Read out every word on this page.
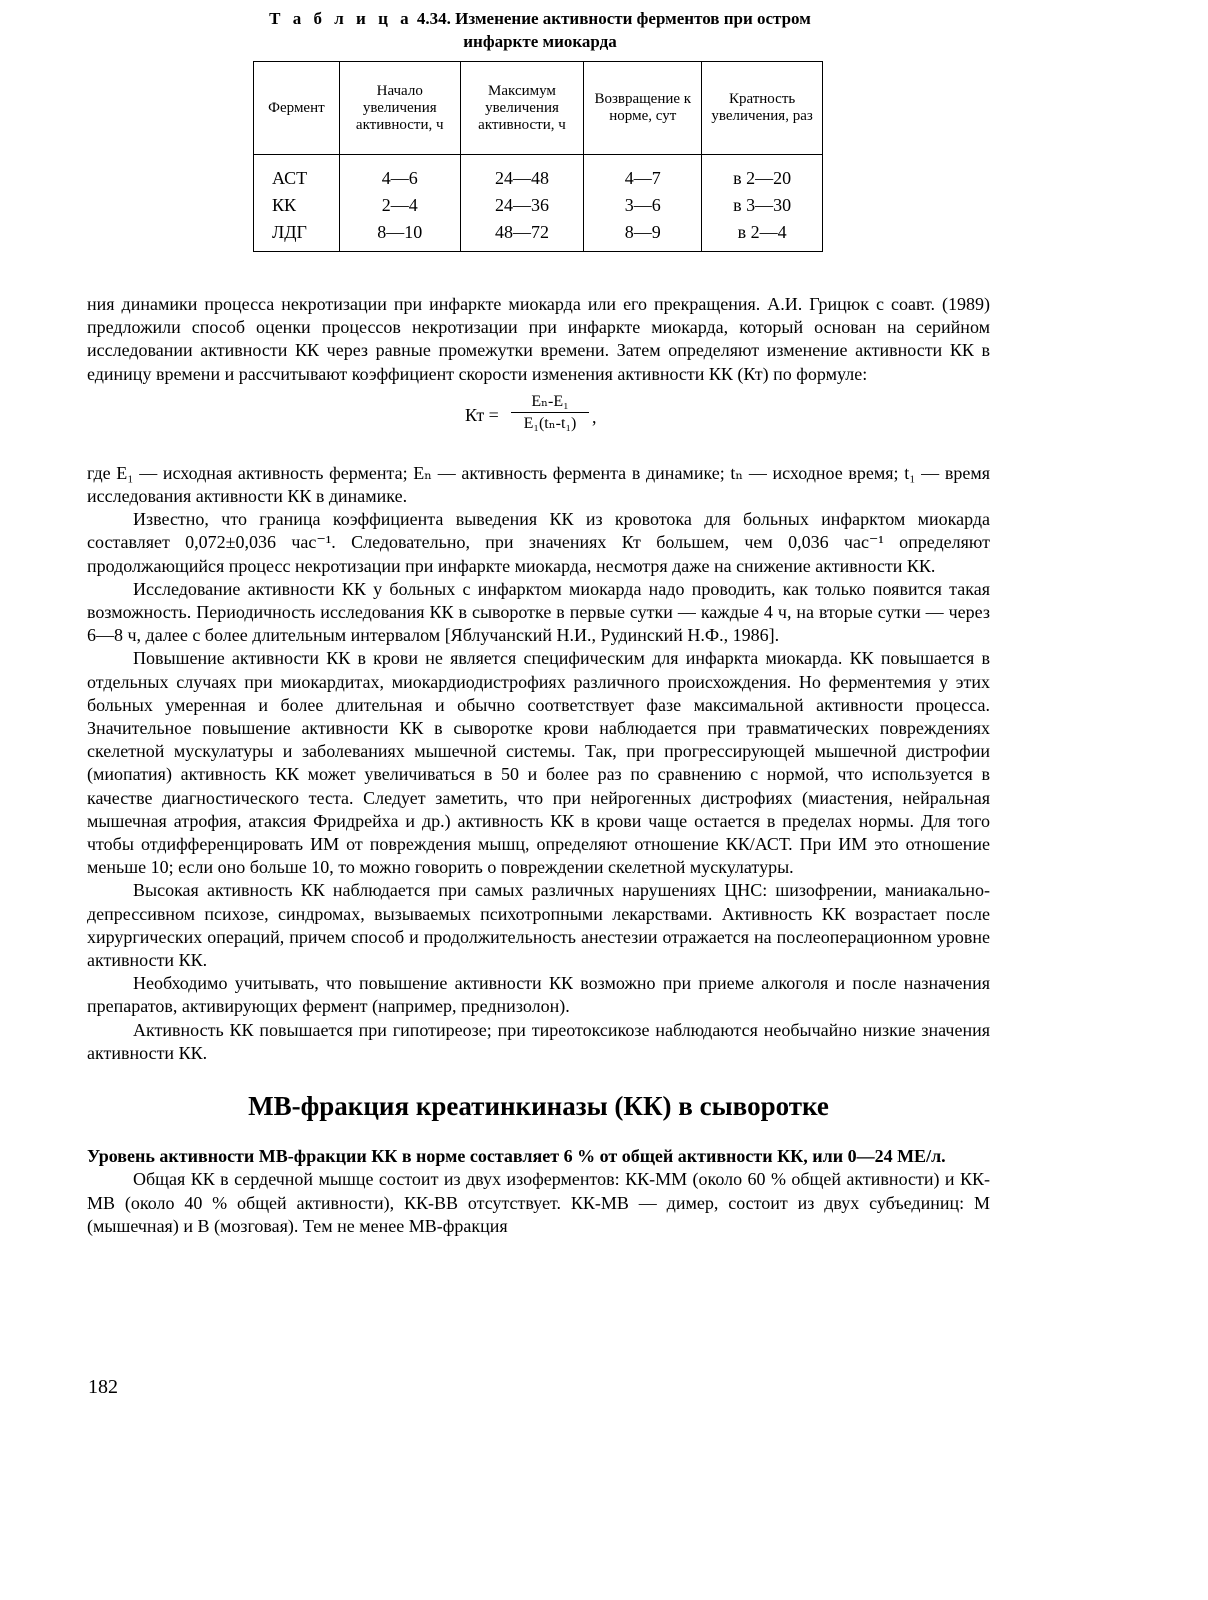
Т а б л и ц а 4.34. Изменение активности ферментов при остром
инфаркте миокарда
Фермент	Начало увеличения активности, ч	Максимум увеличения активности, ч	Возвращение к норме, сут	Кратность увеличения, раз
АСТ	4—6	24—48	4—7	в 2—20
КК	2—4	24—36	3—6	в 3—30
ЛДГ	8—10	48—72	8—9	в 2—4

ния динамики процесса некротизации при инфаркте миокарда или его прекращения. А.И. Грицюк с соавт. (1989) предложили способ оценки процессов некротизации при инфаркте миокарда, который основан на серийном исследовании активности КК через равные промежутки времени. Затем определяют изменение активности КК в единицу времени и рассчитывают коэффициент скорости изменения активности КК (Кт) по формуле:

Кт = $\frac{\text{Eₙ-E₁}}{\text{E₁(tₙ-t₁)}}$ ,

где E₁ — исходная активность фермента; Eₙ — активность фермента в динамике; tₙ — исходное время; t₁ — время исследования активности КК в динамике.

Известно, что граница коэффициента выведения КК из кровотока для больных инфарктом миокарда составляет 0,072±0,036 час⁻¹. Следовательно, при значениях Кт большем, чем 0,036 час⁻¹ определяют продолжающийся процесс некротизации при инфаркте миокарда, несмотря даже на снижение активности КК.

Исследование активности КК у больных с инфарктом миокарда надо проводить, как только появится такая возможность. Периодичность исследования КК в сыворотке в первые сутки — каждые 4 ч, на вторые сутки — через 6—8 ч, далее с более длительным интервалом [Яблучанский Н.И., Рудинский Н.Ф., 1986].

Повышение активности КК в крови не является специфическим для инфаркта миокарда. КК повышается в отдельных случаях при миокардитах, миокардиодистрофиях различного происхождения. Но ферментемия у этих больных умеренная и более длительная и обычно соответствует фазе максимальной активности процесса. Значительное повышение активности КК в сыворотке крови наблюдается при травматических повреждениях скелетной мускулатуры и заболеваниях мышечной системы. Так, при прогрессирующей мышечной дистрофии (миопатия) активность КК может увеличиваться в 50 и более раз по сравнению с нормой, что используется в качестве диагностического теста. Следует заметить, что при нейрогенных дистрофиях (миастения, нейральная мышечная атрофия, атаксия Фридрейха и др.) активность КК в крови чаще остается в пределах нормы. Для того чтобы отдифференцировать ИМ от повреждения мышц, определяют отношение КК/АСТ. При ИМ это отношение меньше 10; если оно больше 10, то можно говорить о повреждении скелетной мускулатуры.

Высокая активность КК наблюдается при самых различных нарушениях ЦНС: шизофрении, маниакально-депрессивном психозе, синдромах, вызываемых психотропными лекарствами. Активность КК возрастает после хирургических операций, причем способ и продолжительность анестезии отражается на послеоперационном уровне активности КК.

Необходимо учитывать, что повышение активности КК возможно при приеме алкоголя и после назначения препаратов, активирующих фермент (например, преднизолон).

Активность КК повышается при гипотиреозе; при тиреотоксикозе наблюдаются необычайно низкие значения активности КК.

МВ-фракция креатинкиназы (КК) в сыворотке

Уровень активности МВ-фракции КК в норме составляет 6 % от общей активности КК, или 0—24 МЕ/л.

Общая КК в сердечной мышце состоит из двух изоферментов: КК-ММ (около 60 % общей активности) и КК-МВ (около 40 % общей активности), КК-ВВ отсутствует. КК-МВ — димер, состоит из двух субъединиц: М (мышечная) и В (мозговая). Тем не менее МВ-фракция

182
